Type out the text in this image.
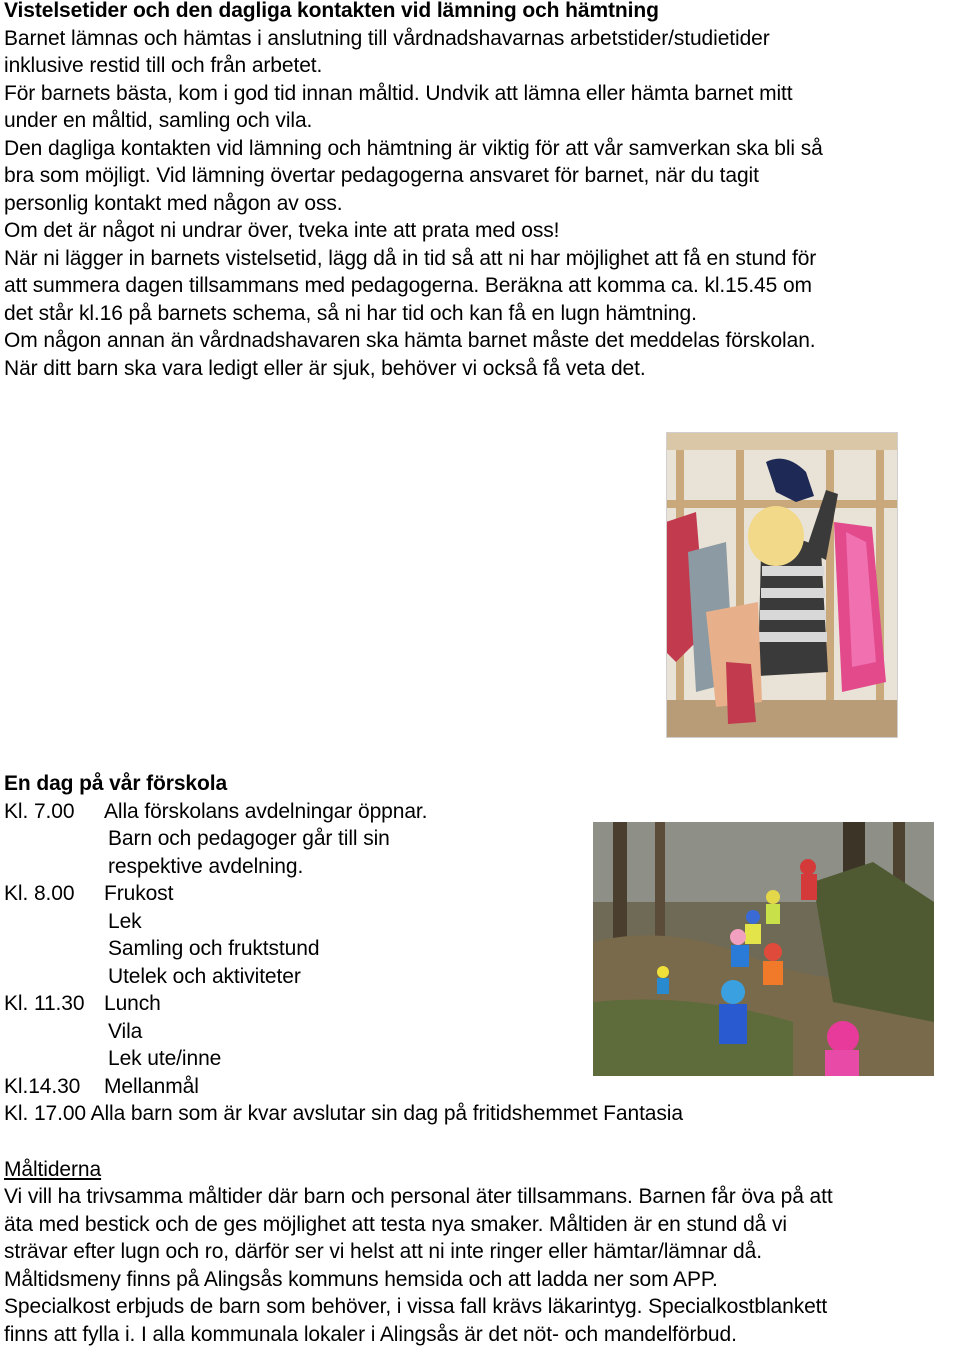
Vistelsetider och den dagliga kontakten vid lämning och hämtning
Barnet lämnas och hämtas i anslutning till vårdnadshavarnas arbetstider/studietider
inklusive restid till och från arbetet.
För barnets bästa, kom i god tid innan måltid. Undvik att lämna eller hämta barnet mitt
under en måltid, samling och vila.
Den dagliga kontakten vid lämning och hämtning är viktig för att vår samverkan ska bli så
bra som möjligt. Vid lämning övertar pedagogerna ansvaret för barnet, när du tagit
personlig kontakt med någon av oss.
Om det är något ni undrar över, tveka inte att prata med oss!
När ni lägger in barnets vistelsetid, lägg då in tid så att ni har möjlighet att få en stund för
att summera dagen tillsammans med pedagogerna. Beräkna att komma ca. kl.15.45 om
det står kl.16 på barnets schema, så ni har tid och kan få en lugn hämtning.
Om någon annan än vårdnadshavaren ska hämta barnet måste det meddelas förskolan.
När ditt barn ska vara ledigt eller är sjuk, behöver vi också få veta det.
En dag på vår förskola
Kl. 7.00 Alla förskolans avdelningar öppnar.
Barn och pedagoger går till sin
respektive avdelning.
Kl. 8.00 Frukost
Lek
Samling och fruktstund
Utelek och aktiviteter
Kl. 11.30 Lunch
Vila
Lek ute/inne
Kl.14.30 Mellanmål
Kl. 17.00 Alla barn som är kvar avslutar sin dag på fritidshemmet Fantasia
Måltiderna
Vi vill ha trivsamma måltider där barn och personal äter tillsammans. Barnen får öva på att
äta med bestick och de ges möjlighet att testa nya smaker. Måltiden är en stund då vi
strävar efter lugn och ro, därför ser vi helst att ni inte ringer eller hämtar/lämnar då.
Måltidsmeny finns på Alingsås kommuns hemsida och att ladda ner som APP.
Specialkost erbjuds de barn som behöver, i vissa fall krävs läkarintyg. Specialkostblankett
finns att fylla i. I alla kommunala lokaler i Alingsås är det nöt- och mandelförbud.
